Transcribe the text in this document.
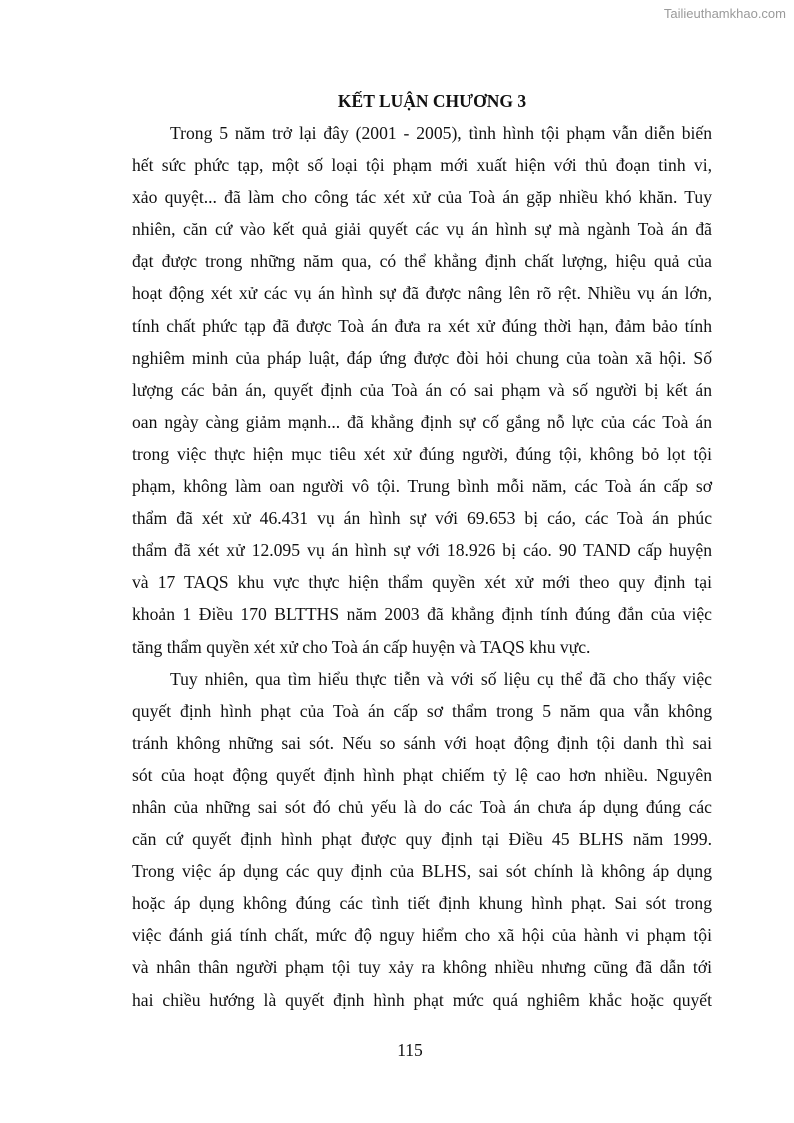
Tailieuthamkhao.com
KẾT LUẬN CHƯƠNG 3
Trong 5 năm trở lại đây (2001 - 2005), tình hình tội phạm vẫn diễn biến
hết sức phức tạp, một số loại tội phạm mới xuất hiện với thủ đoạn tinh vi,
xảo quyệt... đã làm cho công tác xét xử của Toà án gặp nhiều khó khăn. Tuy
nhiên, căn cứ vào kết quả giải quyết các vụ án hình sự mà ngành Toà án đã
đạt được trong những năm qua, có thể khẳng định chất lượng, hiệu quả của
hoạt động xét xử các vụ án hình sự đã được nâng lên rõ rệt. Nhiều vụ án lớn,
tính chất phức tạp đã được Toà án đưa ra xét xử đúng thời hạn, đảm bảo tính
nghiêm minh của pháp luật, đáp ứng được đòi hỏi chung của toàn xã hội. Số
lượng các bản án, quyết định của Toà án có sai phạm và số người bị kết án
oan ngày càng giảm mạnh... đã khẳng định sự cố gắng nỗ lực của các Toà án
trong việc thực hiện mục tiêu xét xử đúng người, đúng tội, không bỏ lọt tội
phạm, không làm oan người vô tội. Trung bình mỗi năm, các Toà án cấp sơ
thẩm đã xét xử 46.431 vụ án hình sự với 69.653 bị cáo, các Toà án phúc
thẩm đã xét xử 12.095 vụ án hình sự với 18.926 bị cáo. 90 TAND cấp huyện
và 17 TAQS khu vực thực hiện thẩm quyền xét xử mới theo quy định tại
khoản 1 Điều 170 BLTTHS năm 2003 đã khẳng định tính đúng đắn của việc
tăng thẩm quyền xét xử cho Toà án cấp huyện và TAQS khu vực.
Tuy nhiên, qua tìm hiểu thực tiễn và với số liệu cụ thể đã cho thấy việc
quyết định hình phạt của Toà án cấp sơ thẩm trong 5 năm qua vẫn không
tránh không những sai sót. Nếu so sánh với hoạt động định tội danh thì sai
sót của hoạt động quyết định hình phạt chiếm tỷ lệ cao hơn nhiều. Nguyên
nhân của những sai sót đó chủ yếu là do các Toà án chưa áp dụng đúng các
căn cứ quyết định hình phạt được quy định tại Điều 45 BLHS năm 1999.
Trong việc áp dụng các quy định của BLHS, sai sót chính là không áp dụng
hoặc áp dụng không đúng các tình tiết định khung hình phạt. Sai sót trong
việc đánh giá tính chất, mức độ nguy hiểm cho xã hội của hành vi phạm tội
và nhân thân người phạm tội tuy xảy ra không nhiều nhưng cũng đã dẫn tới
hai chiều hướng là quyết định hình phạt mức quá nghiêm khắc hoặc quyết
115
